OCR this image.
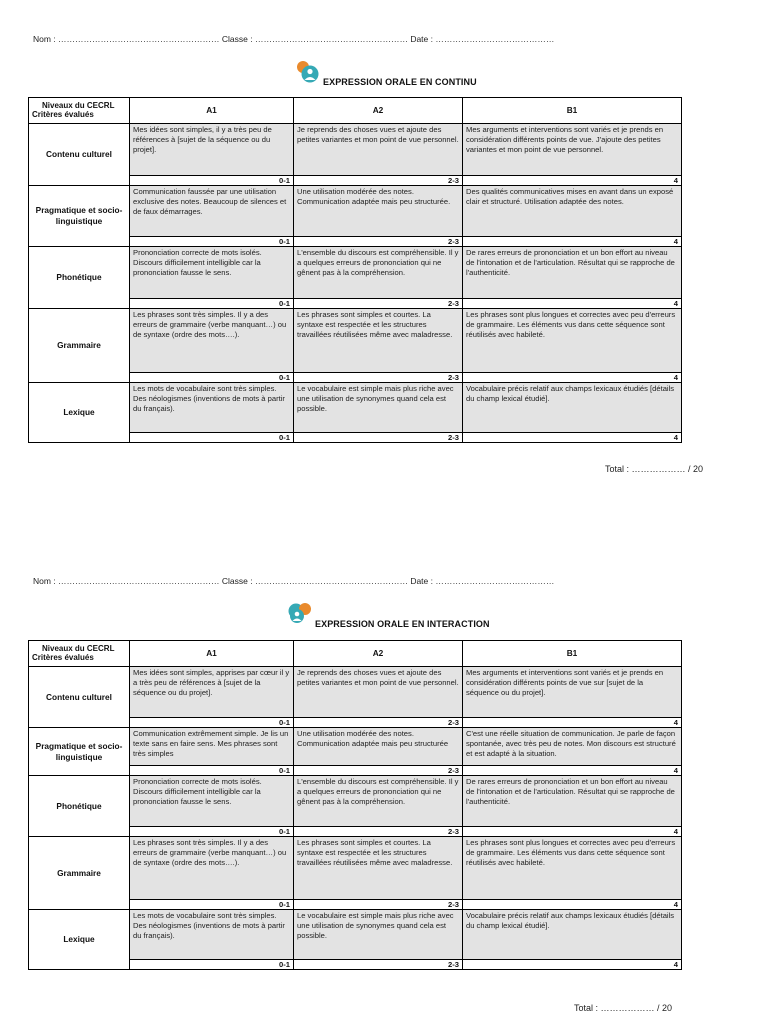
Nom : ………………………………………………… Classe : ……………………………………………… Date : ……………………………………
EXPRESSION ORALE EN CONTINU
Niveaux du CECRL
Critères évalués	A1	A2	B1
Contenu culturel	Mes idées sont simples, il y a très peu de références à [sujet de la séquence ou du projet].	Je reprends des choses vues et ajoute des petites variantes et mon point de vue personnel.	Mes arguments et interventions sont variés et je prends en considération différents points de vue. J'ajoute des petites variantes et mon point de vue personnel.
	0-1	2-3	4
Pragmatique et socio-linguistique	Communication faussée par une utilisation exclusive des notes. Beaucoup de silences et de faux démarrages.	Une utilisation modérée des notes. Communication adaptée mais peu structurée.	Des qualités communicatives mises en avant dans un exposé clair et structuré. Utilisation adaptée des notes.
	0-1	2-3	4
Phonétique	Prononciation correcte de mots isolés. Discours difficilement intelligible car la prononciation fausse le sens.	L'ensemble du discours est compréhensible. Il y a quelques erreurs de prononciation qui ne gênent pas à la compréhension.	De rares erreurs de prononciation et un bon effort au niveau de l'intonation et de l'articulation. Résultat qui se rapproche de l'authenticité.
	0-1	2-3	4
Grammaire	Les phrases sont très simples. Il y a des erreurs de grammaire (verbe manquant…) ou de syntaxe (ordre des mots….).	Les phrases sont simples et courtes. La syntaxe est respectée et les structures travaillées réutilisées même avec maladresse.	Les phrases sont plus longues et correctes avec peu d'erreurs de grammaire. Les éléments vus dans cette séquence sont réutilisés avec habileté.
	0-1	2-3	4
Lexique	Les mots de vocabulaire sont très simples. Des néologismes (inventions de mots à partir du français).	Le vocabulaire est simple mais plus riche avec une utilisation de synonymes quand cela est possible.	Vocabulaire précis relatif aux champs lexicaux étudiés [détails du champ lexical étudié].
	0-1	2-3	4
Total : ……………… / 20
Nom : ………………………………………………… Classe : ……………………………………………… Date : ……………………………………
EXPRESSION ORALE EN INTERACTION
Niveaux du CECRL
Critères évalués	A1	A2	B1
Contenu culturel	Mes idées sont simples, apprises par cœur il y a très peu de références à [sujet de la séquence ou du projet].	Je reprends des choses vues et ajoute des petites variantes et mon point de vue personnel.	Mes arguments et interventions sont variés et je prends en considération différents points de vue sur [sujet de la séquence ou du projet].
	0-1	2-3	4
Pragmatique et socio-linguistique	Communication extrêmement simple. Je lis un texte sans en faire sens. Mes phrases sont très simples	Une utilisation modérée des notes. Communication adaptée mais peu structurée	C'est une réelle situation de communication. Je parle de façon spontanée, avec très peu de notes. Mon discours est structuré et est adapté à la situation.
	0-1	2-3	4
Phonétique	Prononciation correcte de mots isolés. Discours difficilement intelligible car la prononciation fausse le sens.	L'ensemble du discours est compréhensible. Il y a quelques erreurs de prononciation qui ne gênent pas à la compréhension.	De rares erreurs de prononciation et un bon effort au niveau de l'intonation et de l'articulation. Résultat qui se rapproche de l'authenticité.
	0-1	2-3	4
Grammaire	Les phrases sont très simples. Il y a des erreurs de grammaire (verbe manquant…) ou de syntaxe (ordre des mots….).	Les phrases sont simples et courtes. La syntaxe est respectée et les structures travaillées réutilisées même avec maladresse.	Les phrases sont plus longues et correctes avec peu d'erreurs de grammaire. Les éléments vus dans cette séquence sont réutilisés avec habileté.
	0-1	2-3	4
Lexique	Les mots de vocabulaire sont très simples. Des néologismes (inventions de mots à partir du français).	Le vocabulaire est simple mais plus riche avec une utilisation de synonymes quand cela est possible.	Vocabulaire précis relatif aux champs lexicaux étudiés [détails du champ lexical étudié].
	0-1	2-3	4
Total : ……………… / 20
